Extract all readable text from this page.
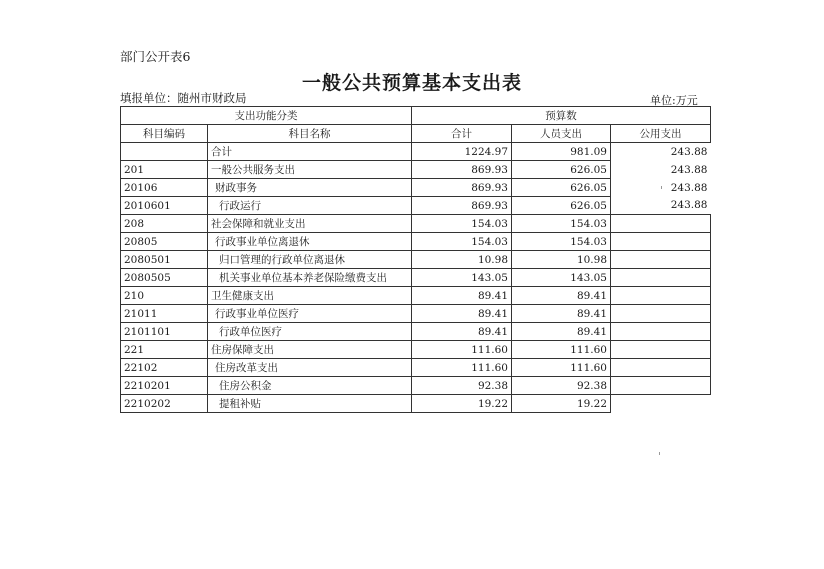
部门公开表6
一般公共预算基本支出表
填报单位：随州市财政局	单位:万元
支出功能分类		预算数		
科目编码	科目名称	合计	人员支出	公用支出
	合计	1224.97	981.09	243.88
201	一般公共服务支出	869.93	626.05	243.88
20106	财政事务	869.93	626.05	243.88
2010601	行政运行	869.93	626.05	243.88
208	社会保障和就业支出	154.03	154.03	
20805	行政事业单位离退休	154.03	154.03	
2080501	归口管理的行政单位离退休	10.98	10.98	
2080505	机关事业单位基本养老保险缴费支出	143.05	143.05	
210	卫生健康支出	89.41	89.41	
21011	行政事业单位医疗	89.41	89.41	
2101101	行政单位医疗	89.41	89.41	
221	住房保障支出	111.60	111.60	
22102	住房改革支出	111.60	111.60	
2210201	住房公积金	92.38	92.38	
2210202	提租补贴	19.22	19.22	
